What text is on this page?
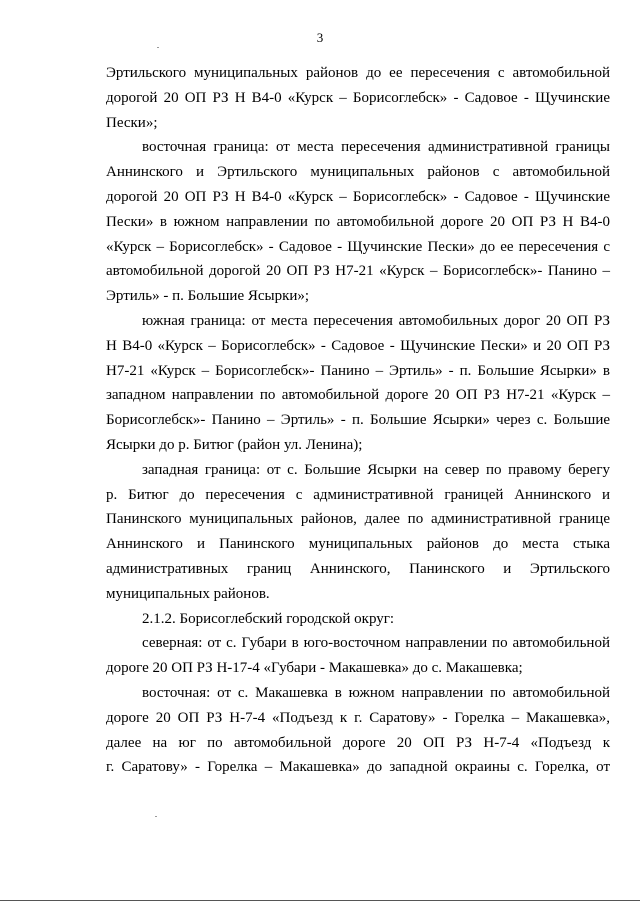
3
Эртильского муниципальных районов до ее пересечения с автомобильной
дорогой 20 ОП РЗ Н В4-0 «Курск – Борисоглебск» - Садовое - Щучинские
Пески»;
восточная граница: от места пересечения административной границы
Аннинского и Эртильского муниципальных районов с автомобильной
дорогой 20 ОП РЗ Н В4-0 «Курск – Борисоглебск» - Садовое - Щучинские
Пески» в южном направлении по автомобильной дороге 20 ОП РЗ Н В4-0
«Курск – Борисоглебск» - Садовое - Щучинские Пески» до ее пересечения с
автомобильной дорогой 20 ОП РЗ Н7-21 «Курск – Борисоглебск»- Панино –
Эртиль» - п. Большие Ясырки»;
южная граница: от места пересечения автомобильных дорог 20 ОП РЗ
Н В4-0 «Курск – Борисоглебск» - Садовое - Щучинские Пески» и 20 ОП РЗ
Н7-21 «Курск – Борисоглебск»- Панино – Эртиль» - п. Большие Ясырки» в
западном направлении по автомобильной дороге 20 ОП РЗ Н7-21 «Курск –
Борисоглебск»- Панино – Эртиль» - п. Большие Ясырки» через с. Большие
Ясырки до р. Битюг (район ул. Ленина);
западная граница: от с. Большие Ясырки на север по правому берегу
р. Битюг до пересечения с административной границей Аннинского и
Панинского муниципальных районов, далее по административной границе
Аннинского и Панинского муниципальных районов до места стыка
административных границ Аннинского, Панинского и Эртильского
муниципальных районов.
2.1.2. Борисоглебский городской округ:
северная: от с. Губари в юго-восточном направлении по автомобильной
дороге 20 ОП РЗ Н-17-4 «Губари - Макашевка» до с. Макашевка;
восточная: от с. Макашевка в южном направлении по автомобильной
дороге 20 ОП РЗ Н-7-4 «Подъезд к г. Саратову» - Горелка – Макашевка»,
далее на юг по автомобильной дороге 20 ОП РЗ Н-7-4 «Подъезд к
г. Саратову» - Горелка – Макашевка» до западной окраины с. Горелка, от
